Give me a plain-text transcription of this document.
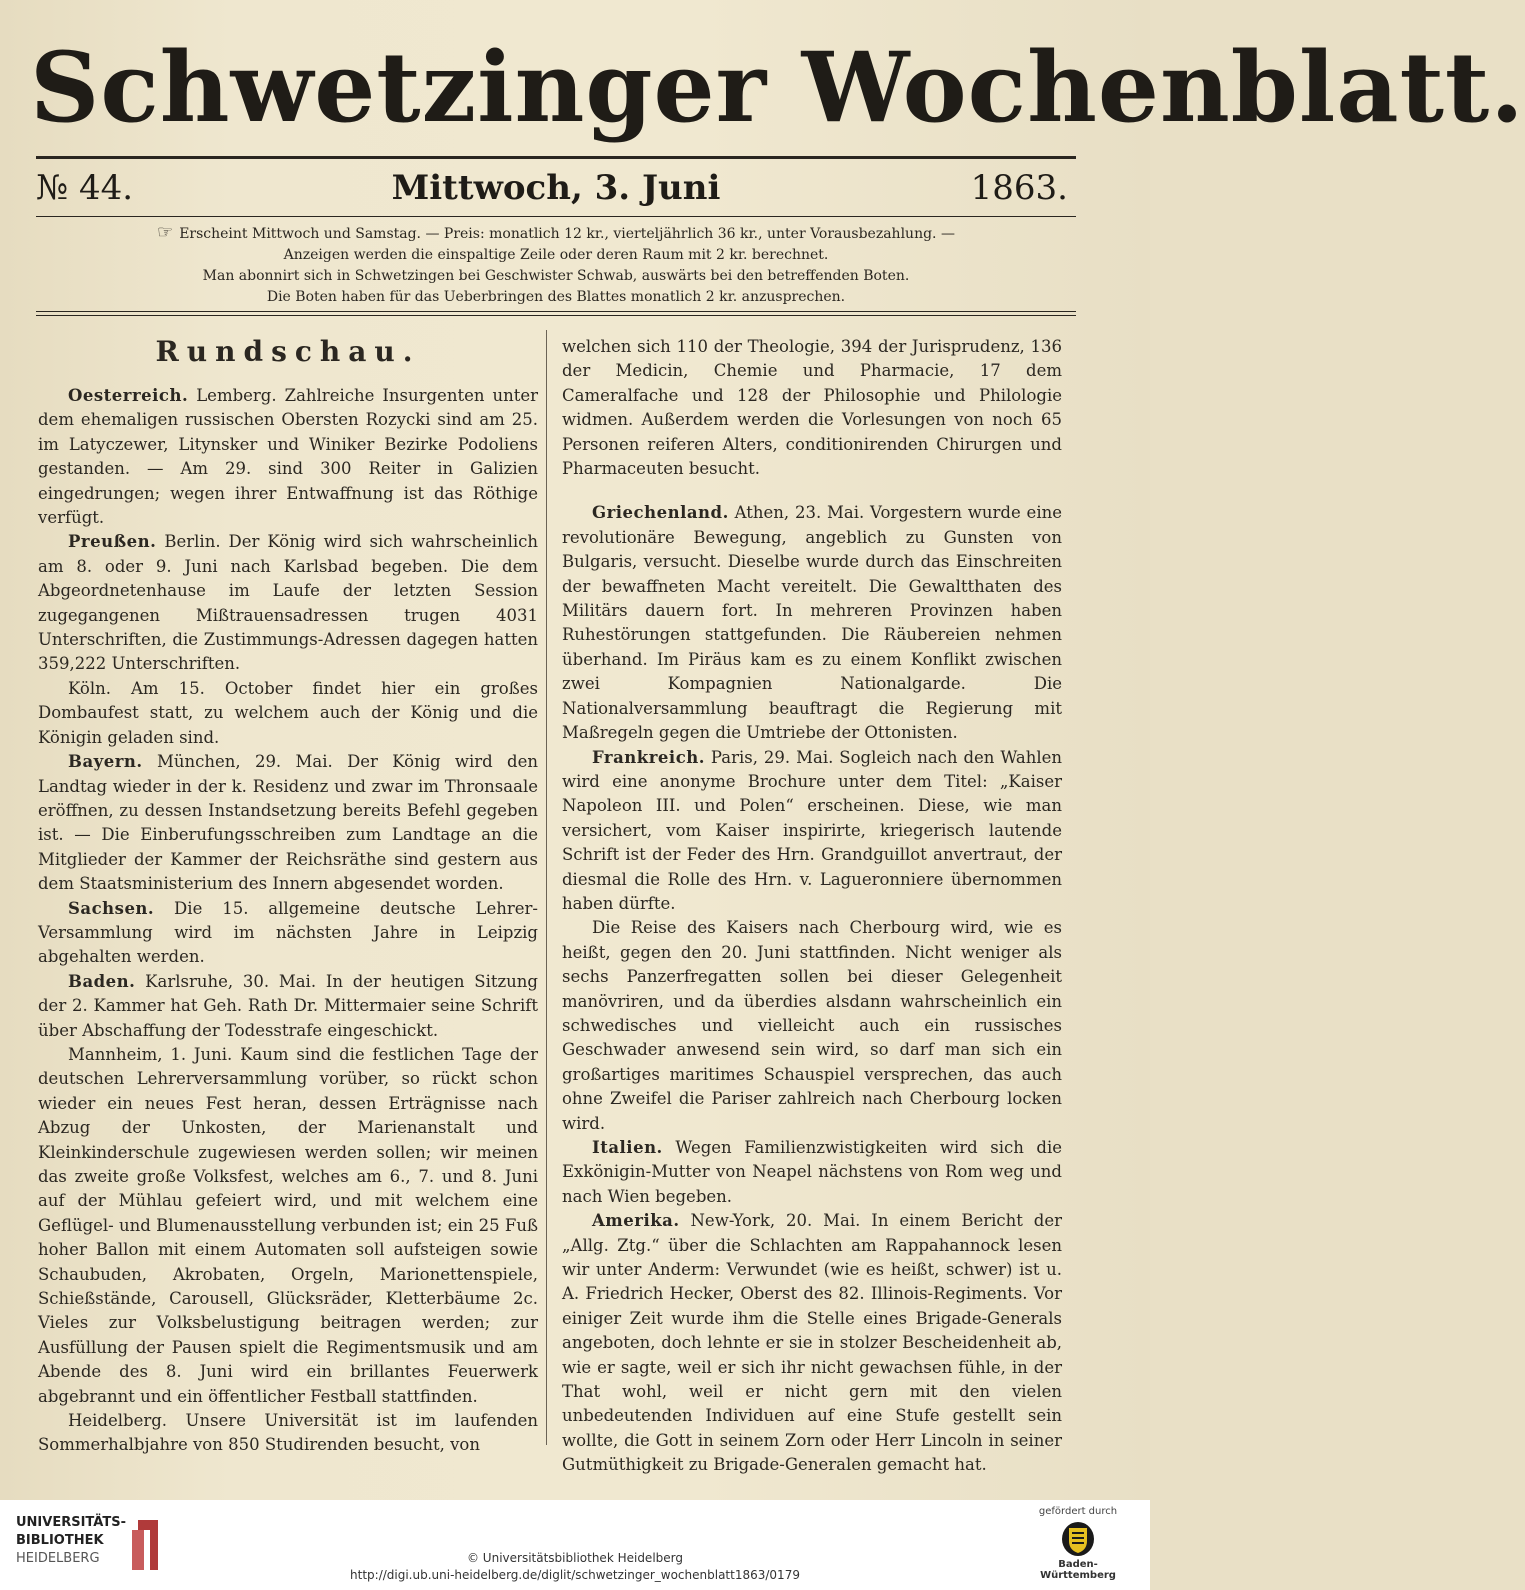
Schwetzinger Wochenblatt.
№ 44.	Mittwoch, 3. Juni	1863.
☞ Erscheint Mittwoch und Samstag. — Preis: monatlich 12 kr., vierteljährlich 36 kr., unter Vorausbezahlung. —
Anzeigen werden die einspaltige Zeile oder deren Raum mit 2 kr. berechnet.
Man abonnirt sich in Schwetzingen bei Geschwister Schwab, auswärts bei den betreffenden Boten.
Die Boten haben für das Ueberbringen des Blattes monatlich 2 kr. anzusprechen.
Rundschau.

Oesterreich. Lemberg. Zahlreiche Insurgenten unter dem ehemaligen russischen Obersten Rozycki sind am 25. im Latyczewer, Litynsker und Winiker Bezirke Podoliens gestanden. — Am 29. sind 300 Reiter in Galizien eingedrungen; wegen ihrer Entwaffnung ist das Röthige verfügt.

Preußen. Berlin. Der König wird sich wahrscheinlich am 8. oder 9. Juni nach Karlsbad begeben. Die dem Abgeordnetenhause im Laufe der letzten Session zugegangenen Mißtrauensadressen trugen 4031 Unterschriften, die Zustimmungs-Adressen dagegen hatten 359,222 Unterschriften.

Köln. Am 15. October findet hier ein großes Dombaufest statt, zu welchem auch der König und die Königin geladen sind.

Bayern. München, 29. Mai. Der König wird den Landtag wieder in der k. Residenz und zwar im Thronsaale eröffnen, zu dessen Instandsetzung bereits Befehl gegeben ist. — Die Einberufungsschreiben zum Landtage an die Mitglieder der Kammer der Reichsräthe sind gestern aus dem Staatsministerium des Innern abgesendet worden.

Sachsen. Die 15. allgemeine deutsche Lehrer-Versammlung wird im nächsten Jahre in Leipzig abgehalten werden.

Baden. Karlsruhe, 30. Mai. In der heutigen Sitzung der 2. Kammer hat Geh. Rath Dr. Mittermaier seine Schrift über Abschaffung der Todesstrafe eingeschickt.

Mannheim, 1. Juni. Kaum sind die festlichen Tage der deutschen Lehrerversammlung vorüber, so rückt schon wieder ein neues Fest heran, dessen Erträgnisse nach Abzug der Unkosten, der Marienanstalt und Kleinkinderschule zugewiesen werden sollen; wir meinen das zweite große Volksfest, welches am 6., 7. und 8. Juni auf der Mühlau gefeiert wird, und mit welchem eine Geflügel- und Blumenausstellung verbunden ist; ein 25 Fuß hoher Ballon mit einem Automaten soll aufsteigen sowie Schaubuden, Akrobaten, Orgeln, Marionettenspiele, Schießstände, Carousell, Glücksräder, Kletterbäume 2c. Vieles zur Volksbelustigung beitragen werden; zur Ausfüllung der Pausen spielt die Regimentsmusik und am Abende des 8. Juni wird ein brillantes Feuerwerk abgebrannt und ein öffentlicher Festball stattfinden.

Heidelberg. Unsere Universität ist im laufenden Sommerhalbjahre von 850 Studirenden besucht, von

welchen sich 110 der Theologie, 394 der Jurisprudenz, 136 der Medicin, Chemie und Pharmacie, 17 dem Cameralfache und 128 der Philosophie und Philologie widmen. Außerdem werden die Vorlesungen von noch 65 Personen reiferen Alters, conditionirenden Chirurgen und Pharmaceuten besucht.

Griechenland. Athen, 23. Mai. Vorgestern wurde eine revolutionäre Bewegung, angeblich zu Gunsten von Bulgaris, versucht. Dieselbe wurde durch das Einschreiten der bewaffneten Macht vereitelt. Die Gewaltthaten des Militärs dauern fort. In mehreren Provinzen haben Ruhestörungen stattgefunden. Die Räubereien nehmen überhand. Im Piräus kam es zu einem Konflikt zwischen zwei Kompagnien Nationalgarde. Die Nationalversammlung beauftragt die Regierung mit Maßregeln gegen die Umtriebe der Ottonisten.

Frankreich. Paris, 29. Mai. Sogleich nach den Wahlen wird eine anonyme Brochure unter dem Titel: „Kaiser Napoleon III. und Polen“ erscheinen. Diese, wie man versichert, vom Kaiser inspirirte, kriegerisch lautende Schrift ist der Feder des Hrn. Grandguillot anvertraut, der diesmal die Rolle des Hrn. v. Lagueronniere übernommen haben dürfte.

Die Reise des Kaisers nach Cherbourg wird, wie es heißt, gegen den 20. Juni stattfinden. Nicht weniger als sechs Panzerfregatten sollen bei dieser Gelegenheit manövriren, und da überdies alsdann wahrscheinlich ein schwedisches und vielleicht auch ein russisches Geschwader anwesend sein wird, so darf man sich ein großartiges maritimes Schauspiel versprechen, das auch ohne Zweifel die Pariser zahlreich nach Cherbourg locken wird.

Italien. Wegen Familienzwistigkeiten wird sich die Exkönigin-Mutter von Neapel nächstens von Rom weg und nach Wien begeben.

Amerika. New-York, 20. Mai. In einem Bericht der „Allg. Ztg.“ über die Schlachten am Rappahannock lesen wir unter Anderm: Verwundet (wie es heißt, schwer) ist u. A. Friedrich Hecker, Oberst des 82. Illinois-Regiments. Vor einiger Zeit wurde ihm die Stelle eines Brigade-Generals angeboten, doch lehnte er sie in stolzer Bescheidenheit ab, wie er sagte, weil er sich ihr nicht gewachsen fühle, in der That wohl, weil er nicht gern mit den vielen unbedeutenden Individuen auf eine Stufe gestellt sein wollte, die Gott in seinem Zorn oder Herr Lincoln in seiner Gutmüthigkeit zu Brigade-Generalen gemacht hat.

UNIVERSITÄTS-
BIBLIOTHEK
HEIDELBERG	© Universitätsbibliothek Heidelberg
http://digi.ub.uni-heidelberg.de/diglit/schwetzinger_wochenblatt1863/0179
gefördert durch
Baden-Württemberg
